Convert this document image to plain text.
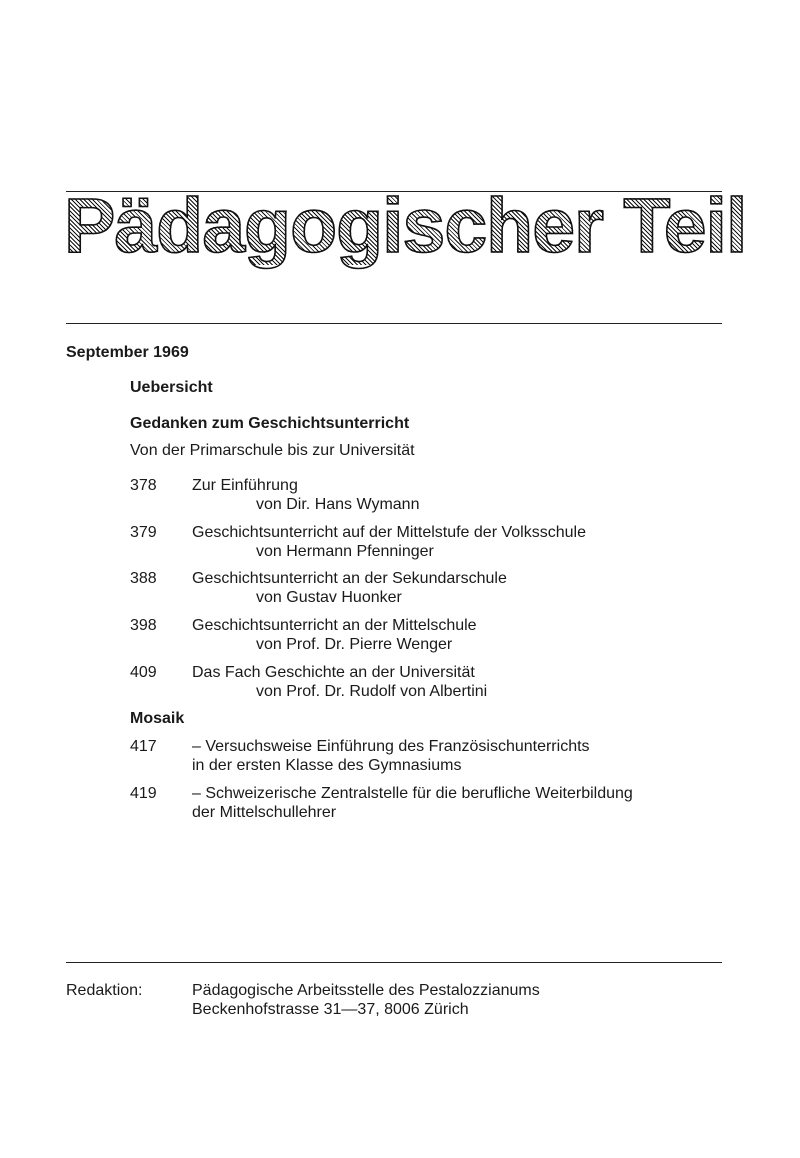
Pädagogischer Teil
September 1969
Uebersicht
Gedanken zum Geschichtsunterricht
Von der Primarschule bis zur Universität
378 Zur Einführung
von Dir. Hans Wymann
379 Geschichtsunterricht auf der Mittelstufe der Volksschule
von Hermann Pfenninger
388 Geschichtsunterricht an der Sekundarschule
von Gustav Huonker
398 Geschichtsunterricht an der Mittelschule
von Prof. Dr. Pierre Wenger
409 Das Fach Geschichte an der Universität
von Prof. Dr. Rudolf von Albertini
Mosaik
417 – Versuchsweise Einführung des Französischunterrichts
in der ersten Klasse des Gymnasiums
419 – Schweizerische Zentralstelle für die berufliche Weiterbildung
der Mittelschullehrer
Redaktion:	Pädagogische Arbeitsstelle des Pestalozzianums
Beckenhofstrasse 31—37, 8006 Zürich
